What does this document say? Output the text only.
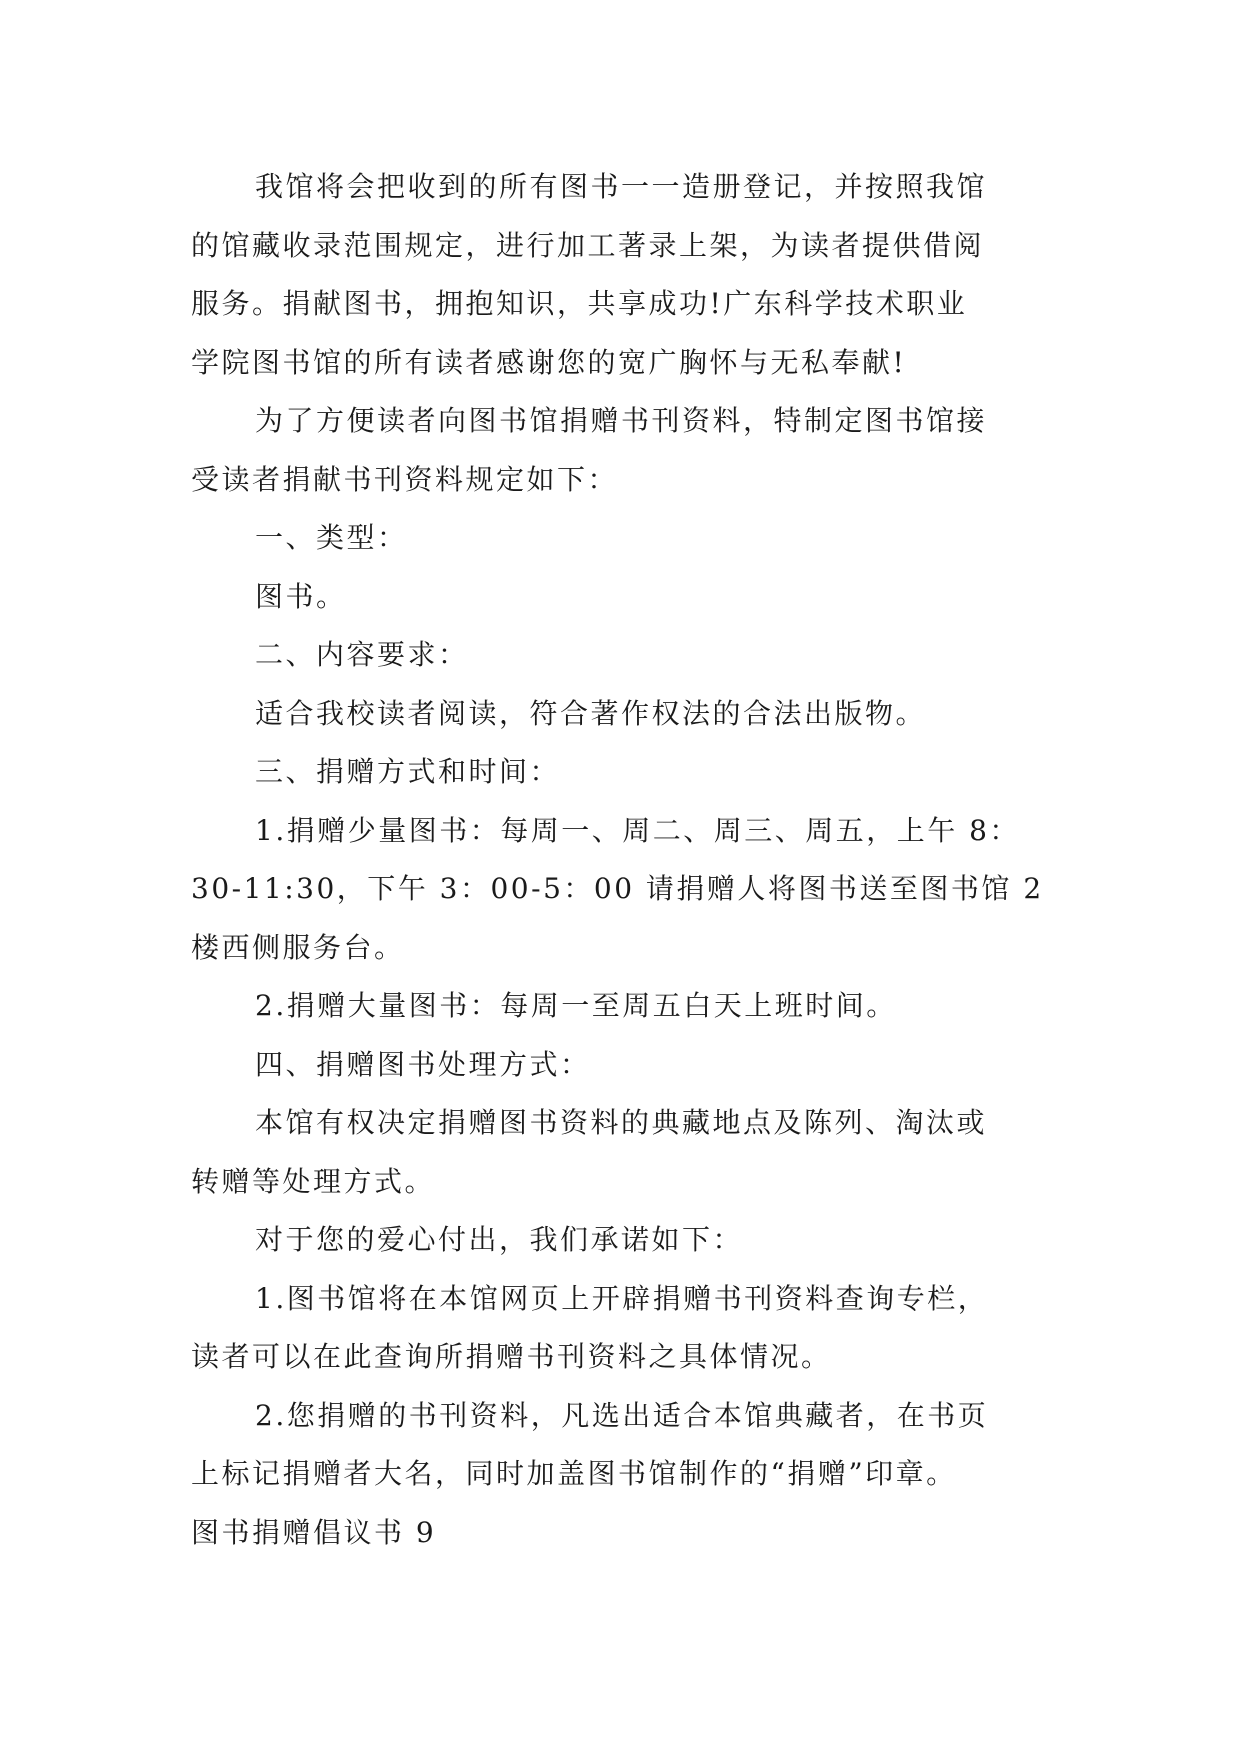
我馆将会把收到的所有图书一一造册登记，并按照我馆

的馆藏收录范围规定，进行加工著录上架，为读者提供借阅

服务。捐献图书，拥抱知识，共享成功!广东科学技术职业

学院图书馆的所有读者感谢您的宽广胸怀与无私奉献!

为了方便读者向图书馆捐赠书刊资料，特制定图书馆接

受读者捐献书刊资料规定如下：

一、类型：

图书。

二、内容要求：

适合我校读者阅读，符合著作权法的合法出版物。

三、捐赠方式和时间：

1.捐赠少量图书：每周一、周二、周三、周五，上午 8：

30-11:30，下午 3：00-5：00 请捐赠人将图书送至图书馆 2

楼西侧服务台。

2.捐赠大量图书：每周一至周五白天上班时间。

四、捐赠图书处理方式：

本馆有权决定捐赠图书资料的典藏地点及陈列、淘汰或

转赠等处理方式。

对于您的爱心付出，我们承诺如下：

1.图书馆将在本馆网页上开辟捐赠书刊资料查询专栏，

读者可以在此查询所捐赠书刊资料之具体情况。

2.您捐赠的书刊资料，凡选出适合本馆典藏者，在书页

上标记捐赠者大名，同时加盖图书馆制作的“捐赠”印章。

图书捐赠倡议书 9
